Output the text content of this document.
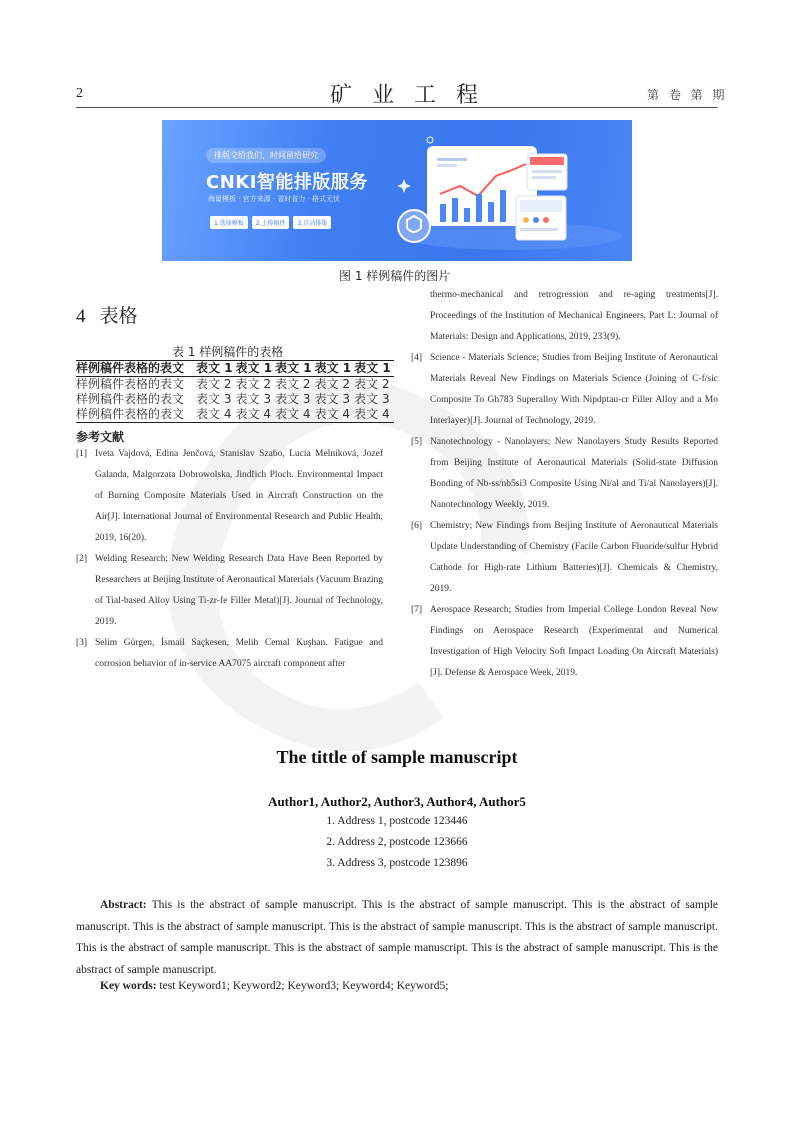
2	矿业工程	第 卷 第 期
排版交给我们，时间留给研究
CNKI智能排版服务
海量模板 · 官方来源 · 省时省力 · 格式无忧
1.选择模板	2.上传稿件	3.自动排版
图 1 样例稿件的图片
4 表格
表 1 样例稿件的表格
样例稿件表格的表文	表文 1	表文 1	表文 1	表文 1	表文 1
样例稿件表格的表文	表文 2	表文 2	表文 2	表文 2	表文 2
样例稿件表格的表文	表文 3	表文 3	表文 3	表文 3	表文 3
样例稿件表格的表文	表文 4	表文 4	表文 4	表文 4	表文 4
参考文献
[1] Iveta Vajdová, Edina Jenčová, Stanislav Szabo, Lucia Melníková, Jozef Galanda, Malgorzata Dobrowolska, Jindřich Ploch. Environmental Impact of Burning Composite Materials Used in Aircraft Construction on the Air[J]. International Journal of Environmental Research and Public Health, 2019, 16(20).
[2] Welding Research; New Welding Research Data Have Been Reported by Researchers at Beijing Institute of Aeronautical Materials (Vacuum Brazing of Tial-based Alloy Using Ti-zr-fe Filler Metal)[J]. Journal of Technology, 2019.
[3] Selim Gürgen, İsmail Saçkesen, Melih Cemal Kuşhan. Fatigue and corrosion behavior of in-service AA7075 aircraft component after
thermo-mechanical and retrogression and re-aging treatments[J]. Proceedings of the Institution of Mechanical Engineers, Part L: Journal of Materials: Design and Applications, 2019, 233(9).
[4] Science - Materials Science; Studies from Beijing Institute of Aeronautical Materials Reveal New Findings on Materials Science (Joining of C-f/sic Composite To Gh783 Superalloy With Nipdptau-cr Filler Alloy and a Mo Interlayer)[J]. Journal of Technology, 2019.
[5] Nanotechnology - Nanolayers; New Nanolayers Study Results Reported from Beijing Institute of Aeronautical Materials (Solid-state Diffusion Bonding of Nb-ss/nb5si3 Composite Using Ni/al and Ti/al Nanolayers)[J]. Nanotechnology Weekly, 2019.
[6] Chemistry; New Findings from Beijing Institute of Aeronautical Materials Update Understanding of Chemistry (Facile Carbon Fluoride/sulfur Hybrid Cathode for High-rate Lithium Batteries)[J]. Chemicals & Chemistry, 2019.
[7] Aerospace Research; Studies from Imperial College London Reveal New Findings on Aerospace Research (Experimental and Numerical Investigation of High Velocity Soft Impact Loading On Aircraft Materials)[J]. Defense & Aerospace Week, 2019.
The tittle of sample manuscript
Author1, Author2, Author3, Author4, Author5
1. Address 1, postcode 123446
2. Address 2, postcode 123666
3. Address 3, postcode 123896
Abstract: This is the abstract of sample manuscript. This is the abstract of sample manuscript. This is the abstract of sample manuscript. This is the abstract of sample manuscript. This is the abstract of sample manuscript. This is the abstract of sample manuscript. This is the abstract of sample manuscript. This is the abstract of sample manuscript. This is the abstract of sample manuscript. This is the abstract of sample manuscript.
Key words: test Keyword1; Keyword2; Keyword3; Keyword4; Keyword5;
